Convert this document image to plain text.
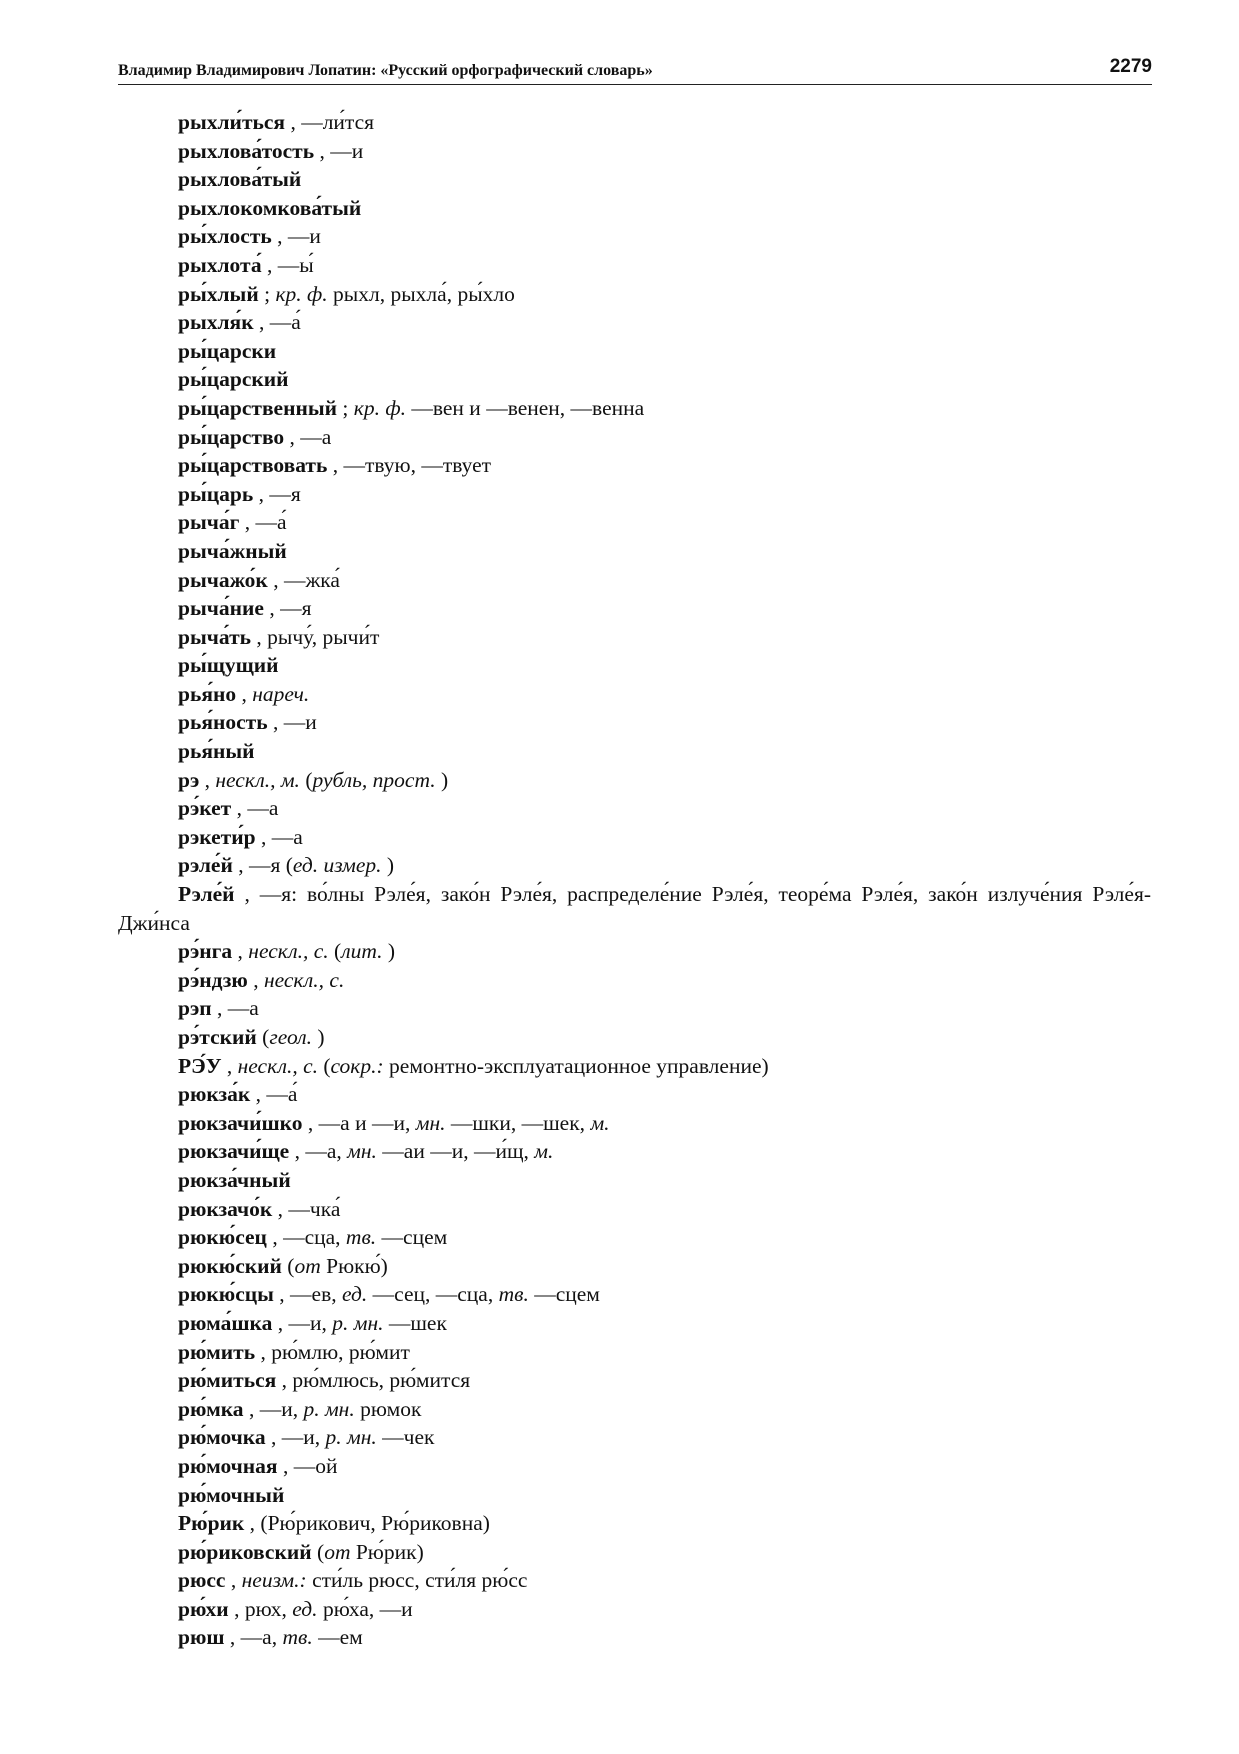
Владимир Владимирович Лопатин: «Русский орфографический словарь»	2279
рыхли́ться , —ли́тся
рыхлова́тость , —и
рыхлова́тый
рыхлокомкова́тый
ры́хлость , —и
рыхлота́ , —ы́
ры́хлый ; кр. ф. рыхл, рыхла́, ры́хло
рыхля́к , —а́
ры́царски
ры́царский
ры́царственный ; кр. ф. —вен и —венен, —венна
ры́царство , —а
ры́царствовать , —твую, —твует
ры́царь , —я
рыча́г , —а́
рыча́жный
рычажо́к , —жка́
рыча́ние , —я
рыча́ть , рычу́, рычи́т
ры́щущий
рья́но , нареч.
рья́ность , —и
рья́ный
рэ , нескл., м. (рубль, прост. )
рэ́кет , —а
рэкети́р , —а
рэле́й , —я (ед. измер. )
Рэле́й , —я: во́лны Рэле́я, зако́н Рэле́я, распределе́ние Рэле́я, теоре́ма Рэле́я, зако́н излуче́ния Рэле́я-Джи́нса
рэ́нга , нескл., с. (лит. )
рэ́ндзю , нескл., с.
рэп , —а
рэ́тский (геол. )
РЭ́У , нескл., с. (сокр.: ремонтно-эксплуатационное управление)
рюкза́к , —а́
рюкзачи́шко , —а и —и, мн. —шки, —шек, м.
рюкзачи́ще , —а, мн. —аи —и, —и́щ, м.
рюкза́чный
рюкзачо́к , —чка́
рюкю́сец , —сца, тв. —сцем
рюкю́ский (от Рюкю́)
рюкю́сцы , —ев, ед. —сец, —сца, тв. —сцем
рюма́шка , —и, р. мн. —шек
рю́мить , рю́млю, рю́мит
рю́миться , рю́млюсь, рю́мится
рю́мка , —и, р. мн. рюмок
рю́мочка , —и, р. мн. —чек
рю́мочная , —ой
рю́мочный
Рю́рик , (Рю́рикович, Рю́риковна)
рю́риковский (от Рю́рик)
рюсс , неизм.: сти́ль рюсс, сти́ля рю́сс
рю́хи , рюх, ед. рю́ха, —и
рюш , —а, тв. —ем
